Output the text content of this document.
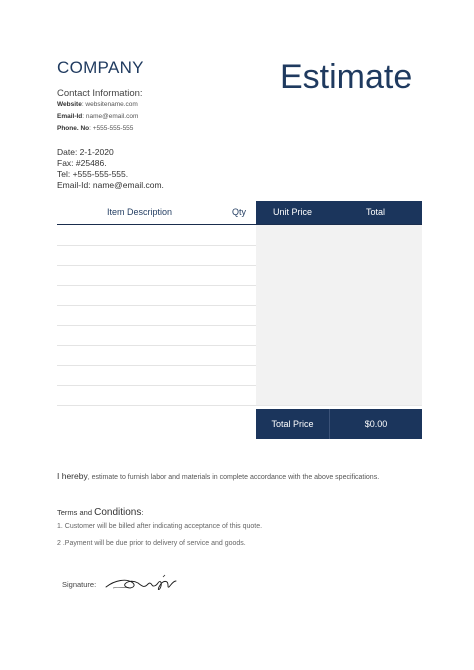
COMPANY	Estimate
Contact Information:
Website: websitename.com
Email-Id: name@email.com
Phone. No: +555-555-555
Date: 2-1-2020
Fax: #25486.
Tel: +555-555-555.
Email-Id: name@email.com.
Item Description	Qty	Unit Price	Total
Total Price	$0.00
I hereby, estimate to furnish labor and materials in complete accordance with the above specifications.
Terms and Conditions:
1. Customer will be billed after indicating acceptance of this quote.
2 .Payment will be due prior to delivery of service and goods.
Signature:
